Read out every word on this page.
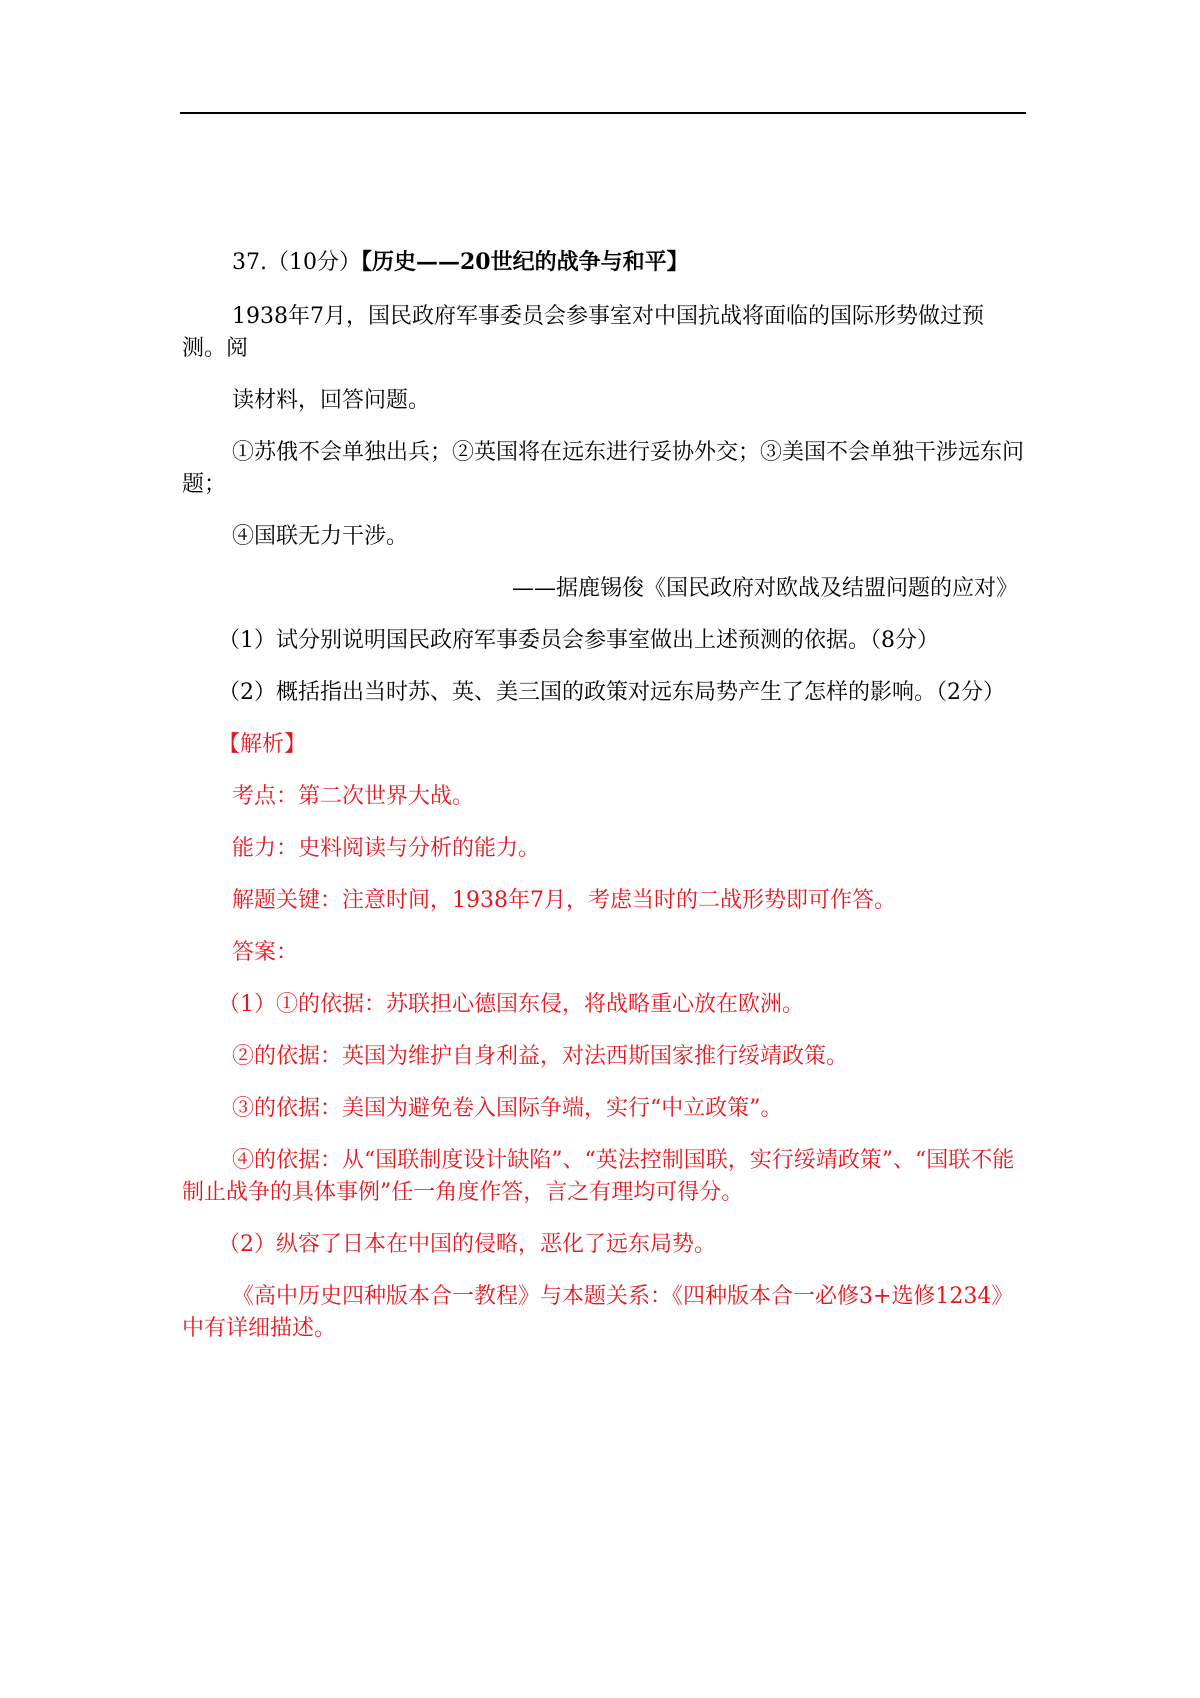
37.（10分）【历史——20世纪的战争与和平】

1938年7月，国民政府军事委员会参事室对中国抗战将面临的国际形势做过预测。阅

读材料，回答问题。

①苏俄不会单独出兵；②英国将在远东进行妥协外交；③美国不会单独干涉远东问题；

④国联无力干涉。

——据鹿锡俊《国民政府对欧战及结盟问题的应对》

（1）试分别说明国民政府军事委员会参事室做出上述预测的依据。（8分）

（2）概括指出当时苏、英、美三国的政策对远东局势产生了怎样的影响。（2分）

【解析】

考点：第二次世界大战。

能力：史料阅读与分析的能力。

解题关键：注意时间，1938年7月，考虑当时的二战形势即可作答。

答案：

（1）①的依据：苏联担心德国东侵，将战略重心放在欧洲。

②的依据：英国为维护自身利益，对法西斯国家推行绥靖政策。

③的依据：美国为避免卷入国际争端，实行“中立政策”。

④的依据：从“国联制度设计缺陷”、“英法控制国联，实行绥靖政策”、“国联不能制止战争的具体事例”任一角度作答，言之有理均可得分。

（2）纵容了日本在中国的侵略，恶化了远东局势。

《高中历史四种版本合一教程》与本题关系：《四种版本合一必修3+选修1234》中有详细描述。
